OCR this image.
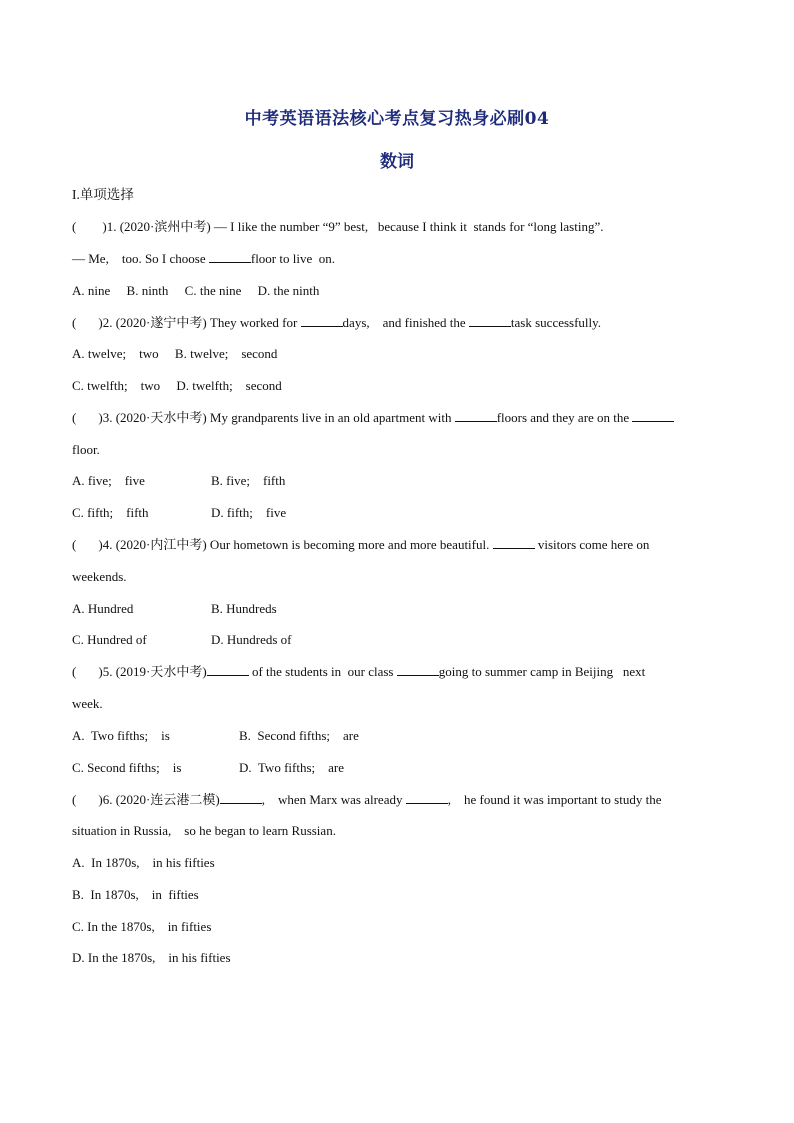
中考英语语法核心考点复习热身必刷04
数词
I.单项选择
( )1. (2020·滨州中考) — I like the number “9” best,   because I think it  stands for “long lasting”.
— Me,    too. So I choose	floor to live  on.
A. nine     B. ninth     C. the nine     D. the ninth
( )2. (2020·遂宁中考) They worked for	days,    and finished the	task successfully.
A. twelve;    two     B. twelve;    second
C. twelfth;    two     D. twelfth;    second
( )3. (2020·天水中考) My grandparents live in an old apartment with	floors and they are on the
floor.
A. five;    five	B. five;    fifth
C. fifth;    fifth	D. fifth;    five
( )4. (2020·内江中考) Our hometown is becoming more and more beautiful.	visitors come here on
weekends.
A. Hundred	B. Hundreds
C. Hundred of	D. Hundreds of
( )5. (2019·天水中考)	of the students in  our class	going to summer camp in Beijing   next
week.
A.  Two fifths;    is	B.  Second fifths;    are
C. Second fifths;    is	D.  Two fifths;    are
( )6. (2020·连云港二模)	,    when Marx was already	,    he found it was important to study the
situation in Russia,    so he began to learn Russian.
A.  In 1870s,    in his fifties
B.  In 1870s,    in  fifties
C. In the 1870s,    in fifties
D. In the 1870s,    in his fifties
